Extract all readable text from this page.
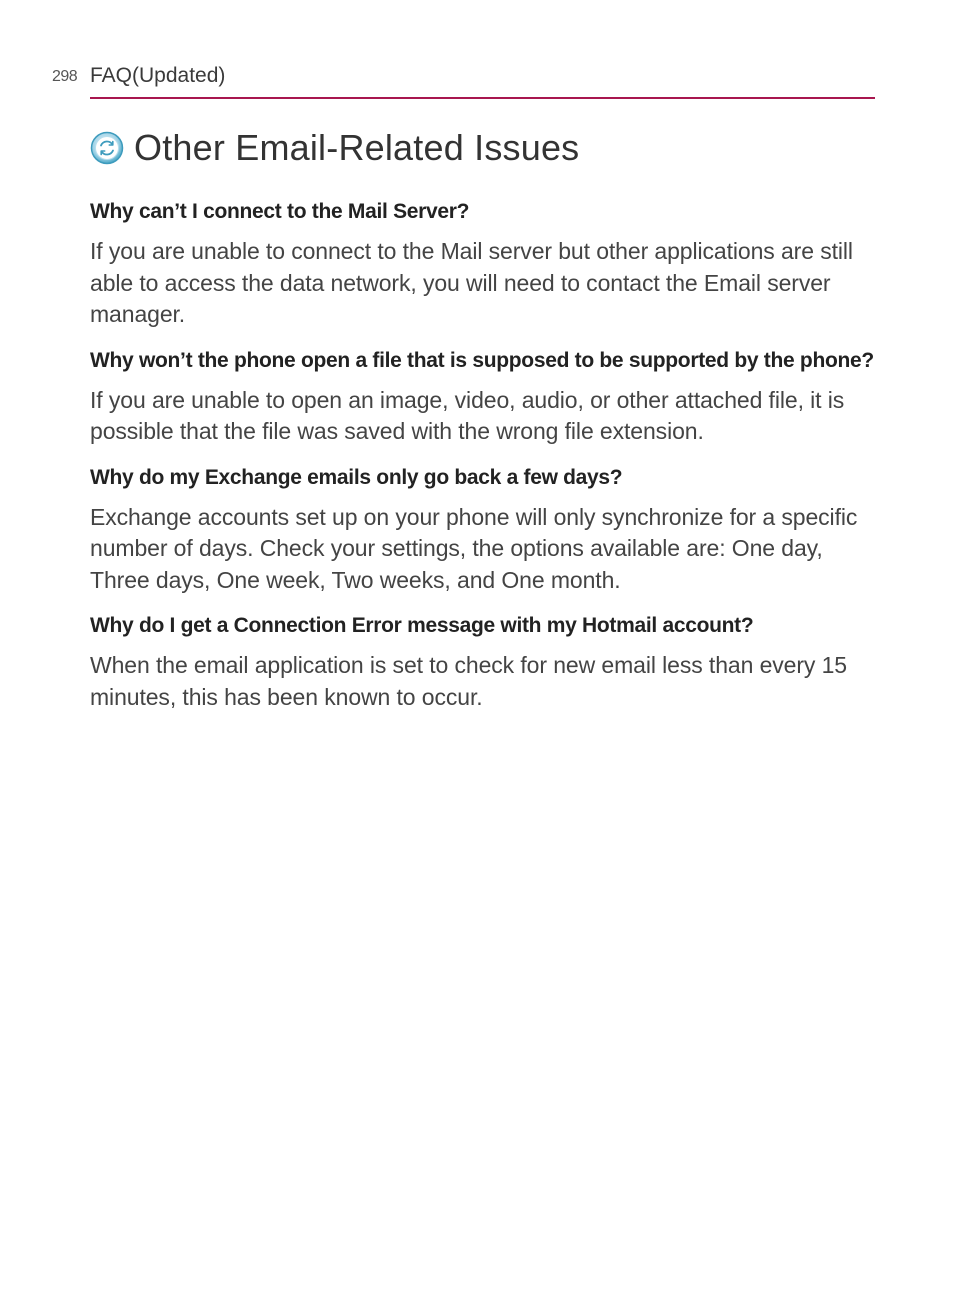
298 FAQ(Updated)
Other Email-Related Issues

Why can’t I connect to the Mail Server?

If you are unable to connect to the Mail server but other applications are still able to access the data network, you will need to contact the Email server manager.

Why won’t the phone open a file that is supposed to be supported by the phone?

If you are unable to open an image, video, audio, or other attached file, it is possible that the file was saved with the wrong file extension.

Why do my Exchange emails only go back a few days?

Exchange accounts set up on your phone will only synchronize for a specific number of days. Check your settings, the options available are: One day, Three days, One week, Two weeks, and One month.

Why do I get a Connection Error message with my Hotmail account?

When the email application is set to check for new email less than every 15 minutes, this has been known to occur.
